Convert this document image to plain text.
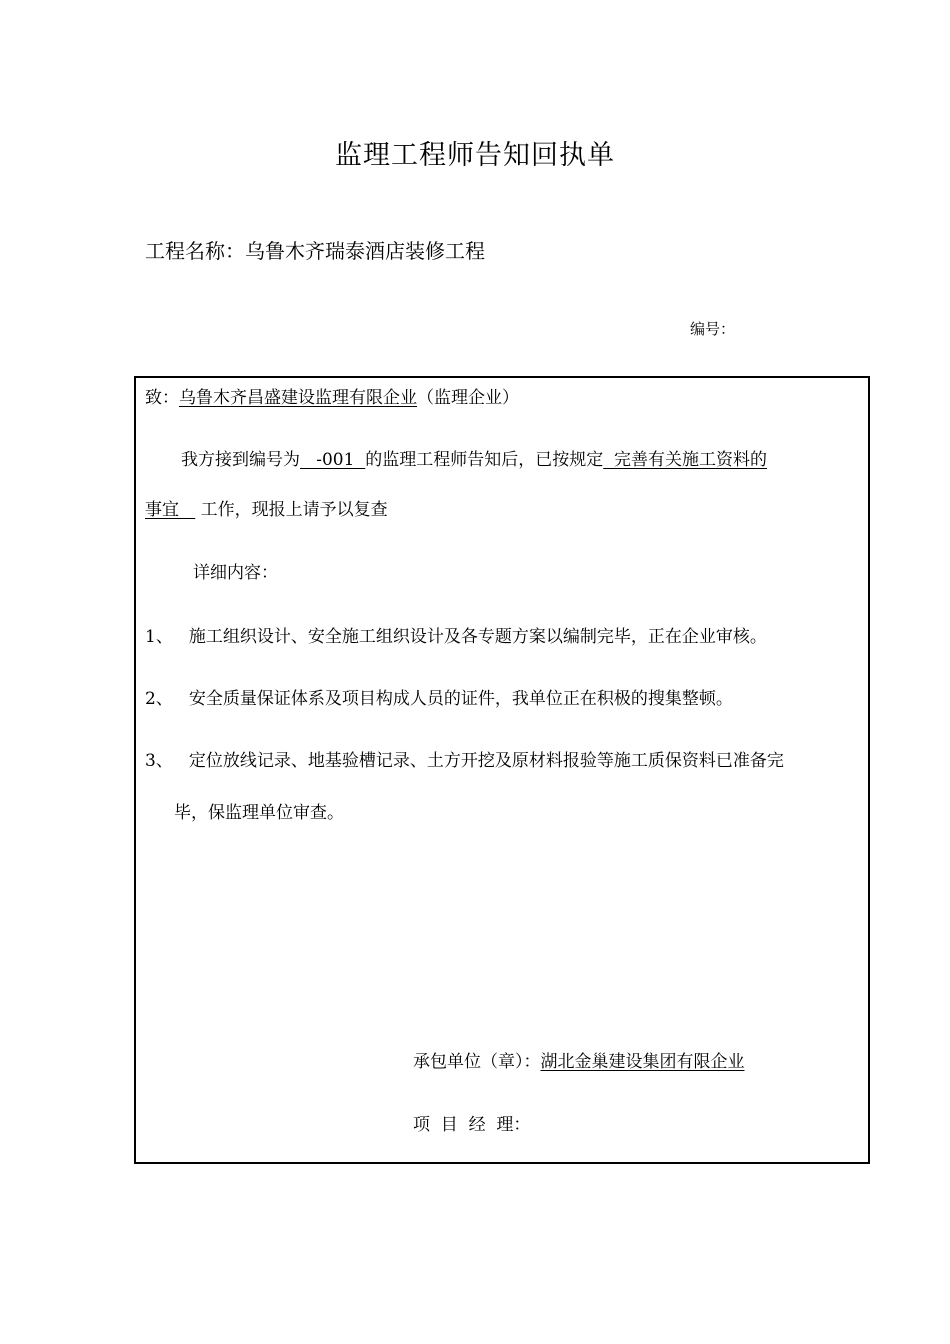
监理工程师告知回执单
工程名称：乌鲁木齐瑞泰酒店装修工程
编号：
致：乌鲁木齐昌盛建设监理有限企业（监理企业）
我方接到编号为   -001  的监理工程师告知后，已按规定  完善有关施工资料的
事宜    工作，现报上请予以复查
详细内容：
1、 施工组织设计、安全施工组织设计及各专题方案以编制完毕，正在企业审核。
2、 安全质量保证体系及项目构成人员的证件，我单位正在积极的搜集整顿。
3、 定位放线记录、地基验槽记录、土方开挖及原材料报验等施工质保资料已准备完
毕，保监理单位审查。
承包单位（章）：湖北金巢建设集团有限企业
项  目  经  理：
